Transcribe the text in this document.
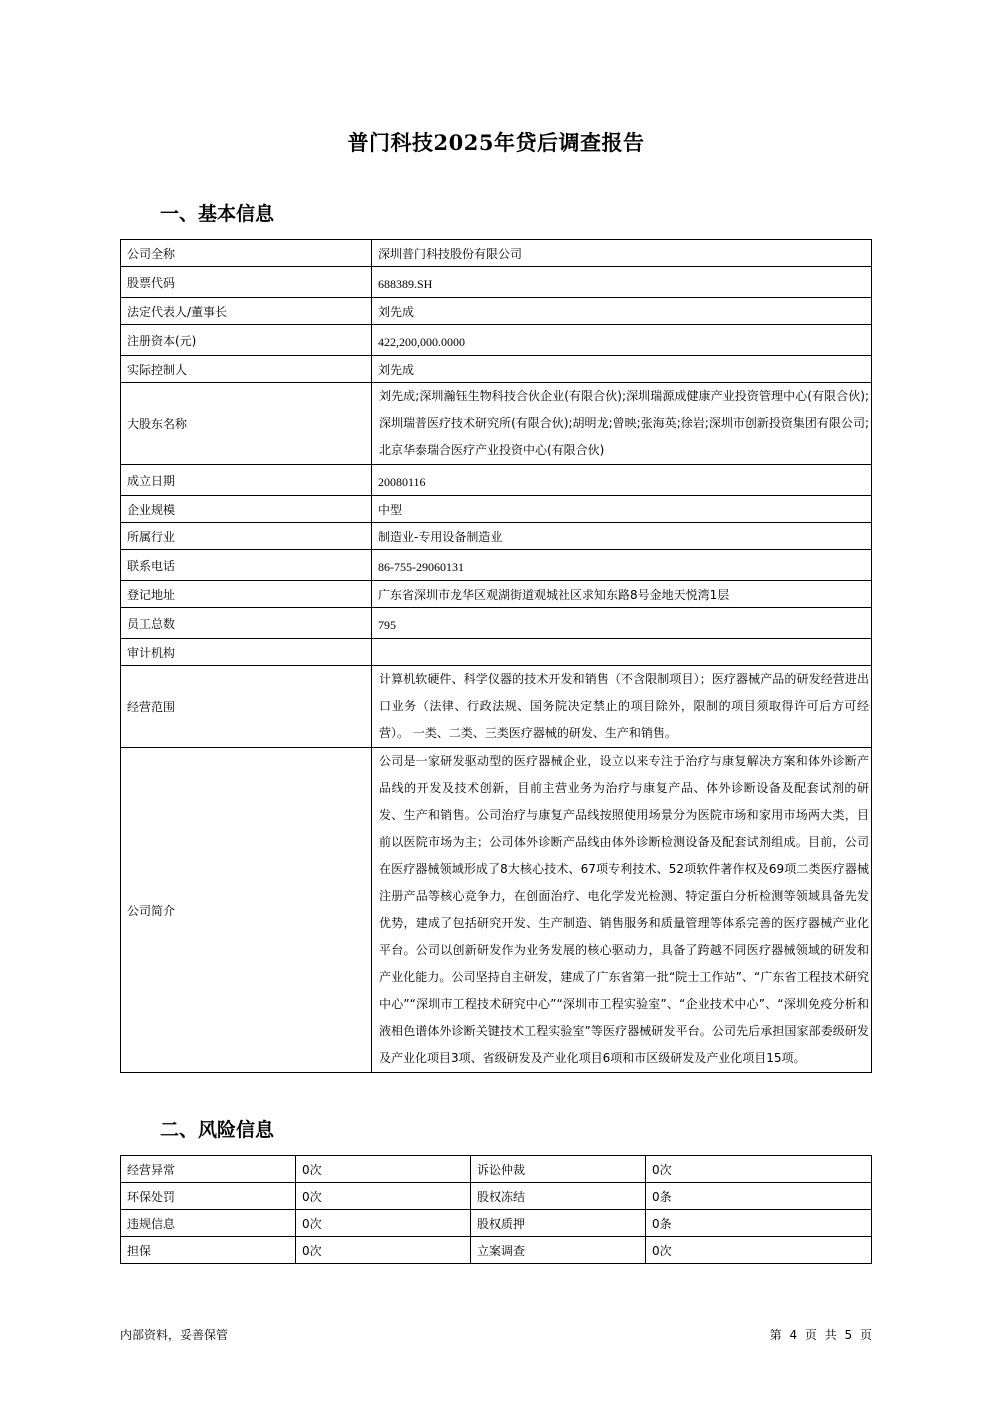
普门科技2025年贷后调查报告
一、基本信息
公司全称	深圳普门科技股份有限公司
股票代码	688389.SH
法定代表人/董事长	刘先成
注册资本(元)	422,200,000.0000
实际控制人	刘先成
大股东名称	刘先成;深圳瀚钰生物科技合伙企业(有限合伙);深圳瑞源成健康产业投资管理中心(有限合伙);深圳瑞普医疗技术研究所(有限合伙);胡明龙;曾映;张海英;徐岩;深圳市创新投资集团有限公司;北京华泰瑞合医疗产业投资中心(有限合伙)
成立日期	20080116
企业规模	中型
所属行业	制造业-专用设备制造业
联系电话	86-755-29060131
登记地址	广东省深圳市龙华区观湖街道观城社区求知东路8号金地天悦湾1层
员工总数	795
审计机构	
经营范围	计算机软硬件、科学仪器的技术开发和销售（不含限制项目）；医疗器械产品的研发经营进出口业务（法律、行政法规、国务院决定禁止的项目除外，限制的项目须取得许可后方可经营）。 一类、二类、三类医疗器械的研发、生产和销售。
公司简介	公司是一家研发驱动型的医疗器械企业，设立以来专注于治疗与康复解决方案和体外诊断产品线的开发及技术创新，目前主营业务为治疗与康复产品、体外诊断设备及配套试剂的研发、生产和销售。公司治疗与康复产品线按照使用场景分为医院市场和家用市场两大类，目前以医院市场为主；公司体外诊断产品线由体外诊断检测设备及配套试剂组成。目前，公司在医疗器械领域形成了8大核心技术、67项专利技术、52项软件著作权及69项二类医疗器械注册产品等核心竞争力，在创面治疗、电化学发光检测、特定蛋白分析检测等领域具备先发优势，建成了包括研究开发、生产制造、销售服务和质量管理等体系完善的医疗器械产业化平台。公司以创新研发作为业务发展的核心驱动力，具备了跨越不同医疗器械领域的研发和产业化能力。公司坚持自主研发，建成了广东省第一批“院士工作站”、“广东省工程技术研究中心”“深圳市工程技术研究中心”“深圳市工程实验室”、“企业技术中心”、“深圳免疫分析和液相色谱体外诊断关键技术工程实验室”等医疗器械研发平台。公司先后承担国家部委级研发及产业化项目3项、省级研发及产业化项目6项和市区级研发及产业化项目15项。
二、风险信息
经营异常	0次	诉讼仲裁	0次
环保处罚	0次	股权冻结	0条
违规信息	0次	股权质押	0条
担保	0次	立案调查	0次
内部资料，妥善保管	第 4 页 共 5 页
